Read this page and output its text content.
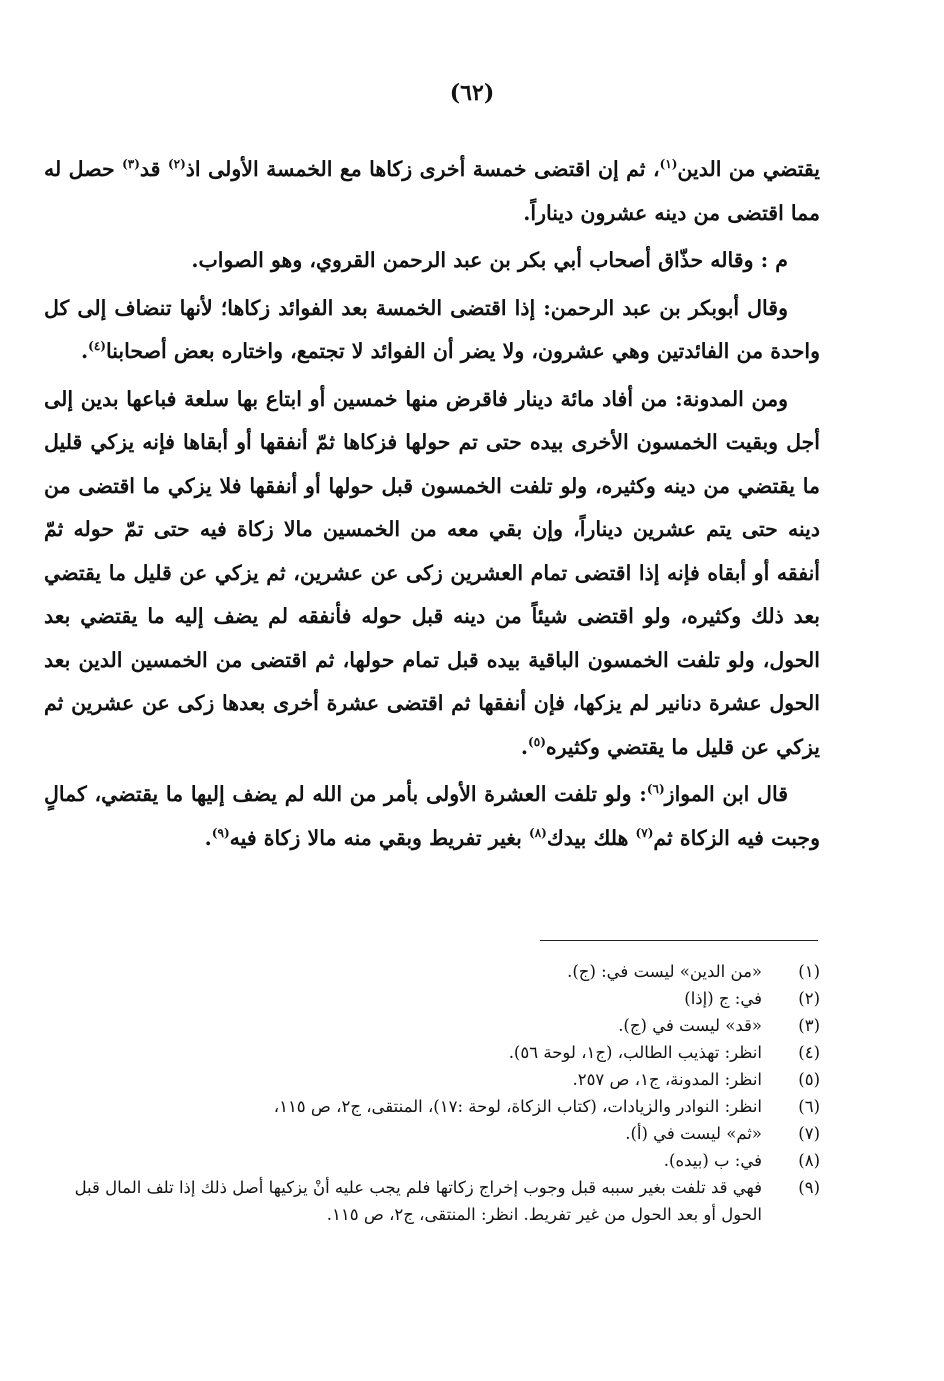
(٦٢)

يقتضي من الدين$^{(١)}$، ثم إن اقتضى خمسة أخرى زكاها مع الخمسة الأولى اذ$^{(٢)}$ قد$^{(٣)}$ حصل له مما اقتضى من دينه عشرون ديناراً.

م : وقاله حذّاق أصحاب أبي بكر بن عبد الرحمن القروي، وهو الصواب.

وقال أبوبكر بن عبد الرحمن: إذا اقتضى الخمسة بعد الفوائد زكاها؛ لأنها تنضاف إلى كل واحدة من الفائدتين وهي عشرون، ولا يضر أن الفوائد لا تجتمع، واختاره بعض أصحابنا$^{(٤)}$.

ومن المدونة: من أفاد مائة دينار فاقرض منها خمسين أو ابتاع بها سلعة فباعها بدين إلى أجل وبقيت الخمسون الأخرى بيده حتى تم حولها فزكاها ثمّ أنفقها أو أبقاها فإنه يزكي قليل ما يقتضي من دينه وكثيره، ولو تلفت الخمسون قبل حولها أو أنفقها فلا يزكي ما اقتضى من دينه حتى يتم عشرين ديناراً، وإن بقي معه من الخمسين مالا زكاة فيه حتى تمّ حوله ثمّ أنفقه أو أبقاه فإنه إذا اقتضى تمام العشرين زكى عن عشرين، ثم يزكي عن قليل ما يقتضي بعد ذلك وكثيره، ولو اقتضى شيئاً من دينه قبل حوله فأنفقه لم يضف إليه ما يقتضي بعد الحول، ولو تلفت الخمسون الباقية بيده قبل تمام حولها، ثم اقتضى من الخمسين الدين بعد الحول عشرة دنانير لم يزكها، فإن أنفقها ثم اقتضى عشرة أخرى بعدها زكى عن عشرين ثم يزكي عن قليل ما يقتضي وكثيره$^{(٥)}$.

قال ابن المواز$^{(٦)}$: ولو تلفت العشرة الأولى بأمر من الله لم يضف إليها ما يقتضي، كمالٍ وجبت فيه الزكاة ثم$^{(٧)}$ هلك بيدك$^{(٨)}$ بغير تفريط وبقي منه مالا زكاة فيه$^{(٩)}$.

(١)
«من الدين» ليست في: (ج).
(٢)
في: ج (إذا)
(٣)
«قد» ليست في (ج).
(٤)
انظر: تهذيب الطالب، (ج١، لوحة ٥٦).
(٥)
انظر: المدونة، ج١، ص ٢٥٧.
(٦)
انظر: النوادر والزيادات، (كتاب الزكاة، لوحة :١٧)، المنتقى، ج٢، ص ١١٥،
(٧)
«ثم» ليست في (أ).
(٨)
في: ب (بيده).
(٩)
فهي قد تلفت بغير سببه قبل وجوب إخراج زكاتها فلم يجب عليه أنْ يزكيها أصل ذلك إذا تلف المال قبل الحول أو بعد الحول من غير تفريط. انظر: المنتقى، ج٢، ص ١١٥.
